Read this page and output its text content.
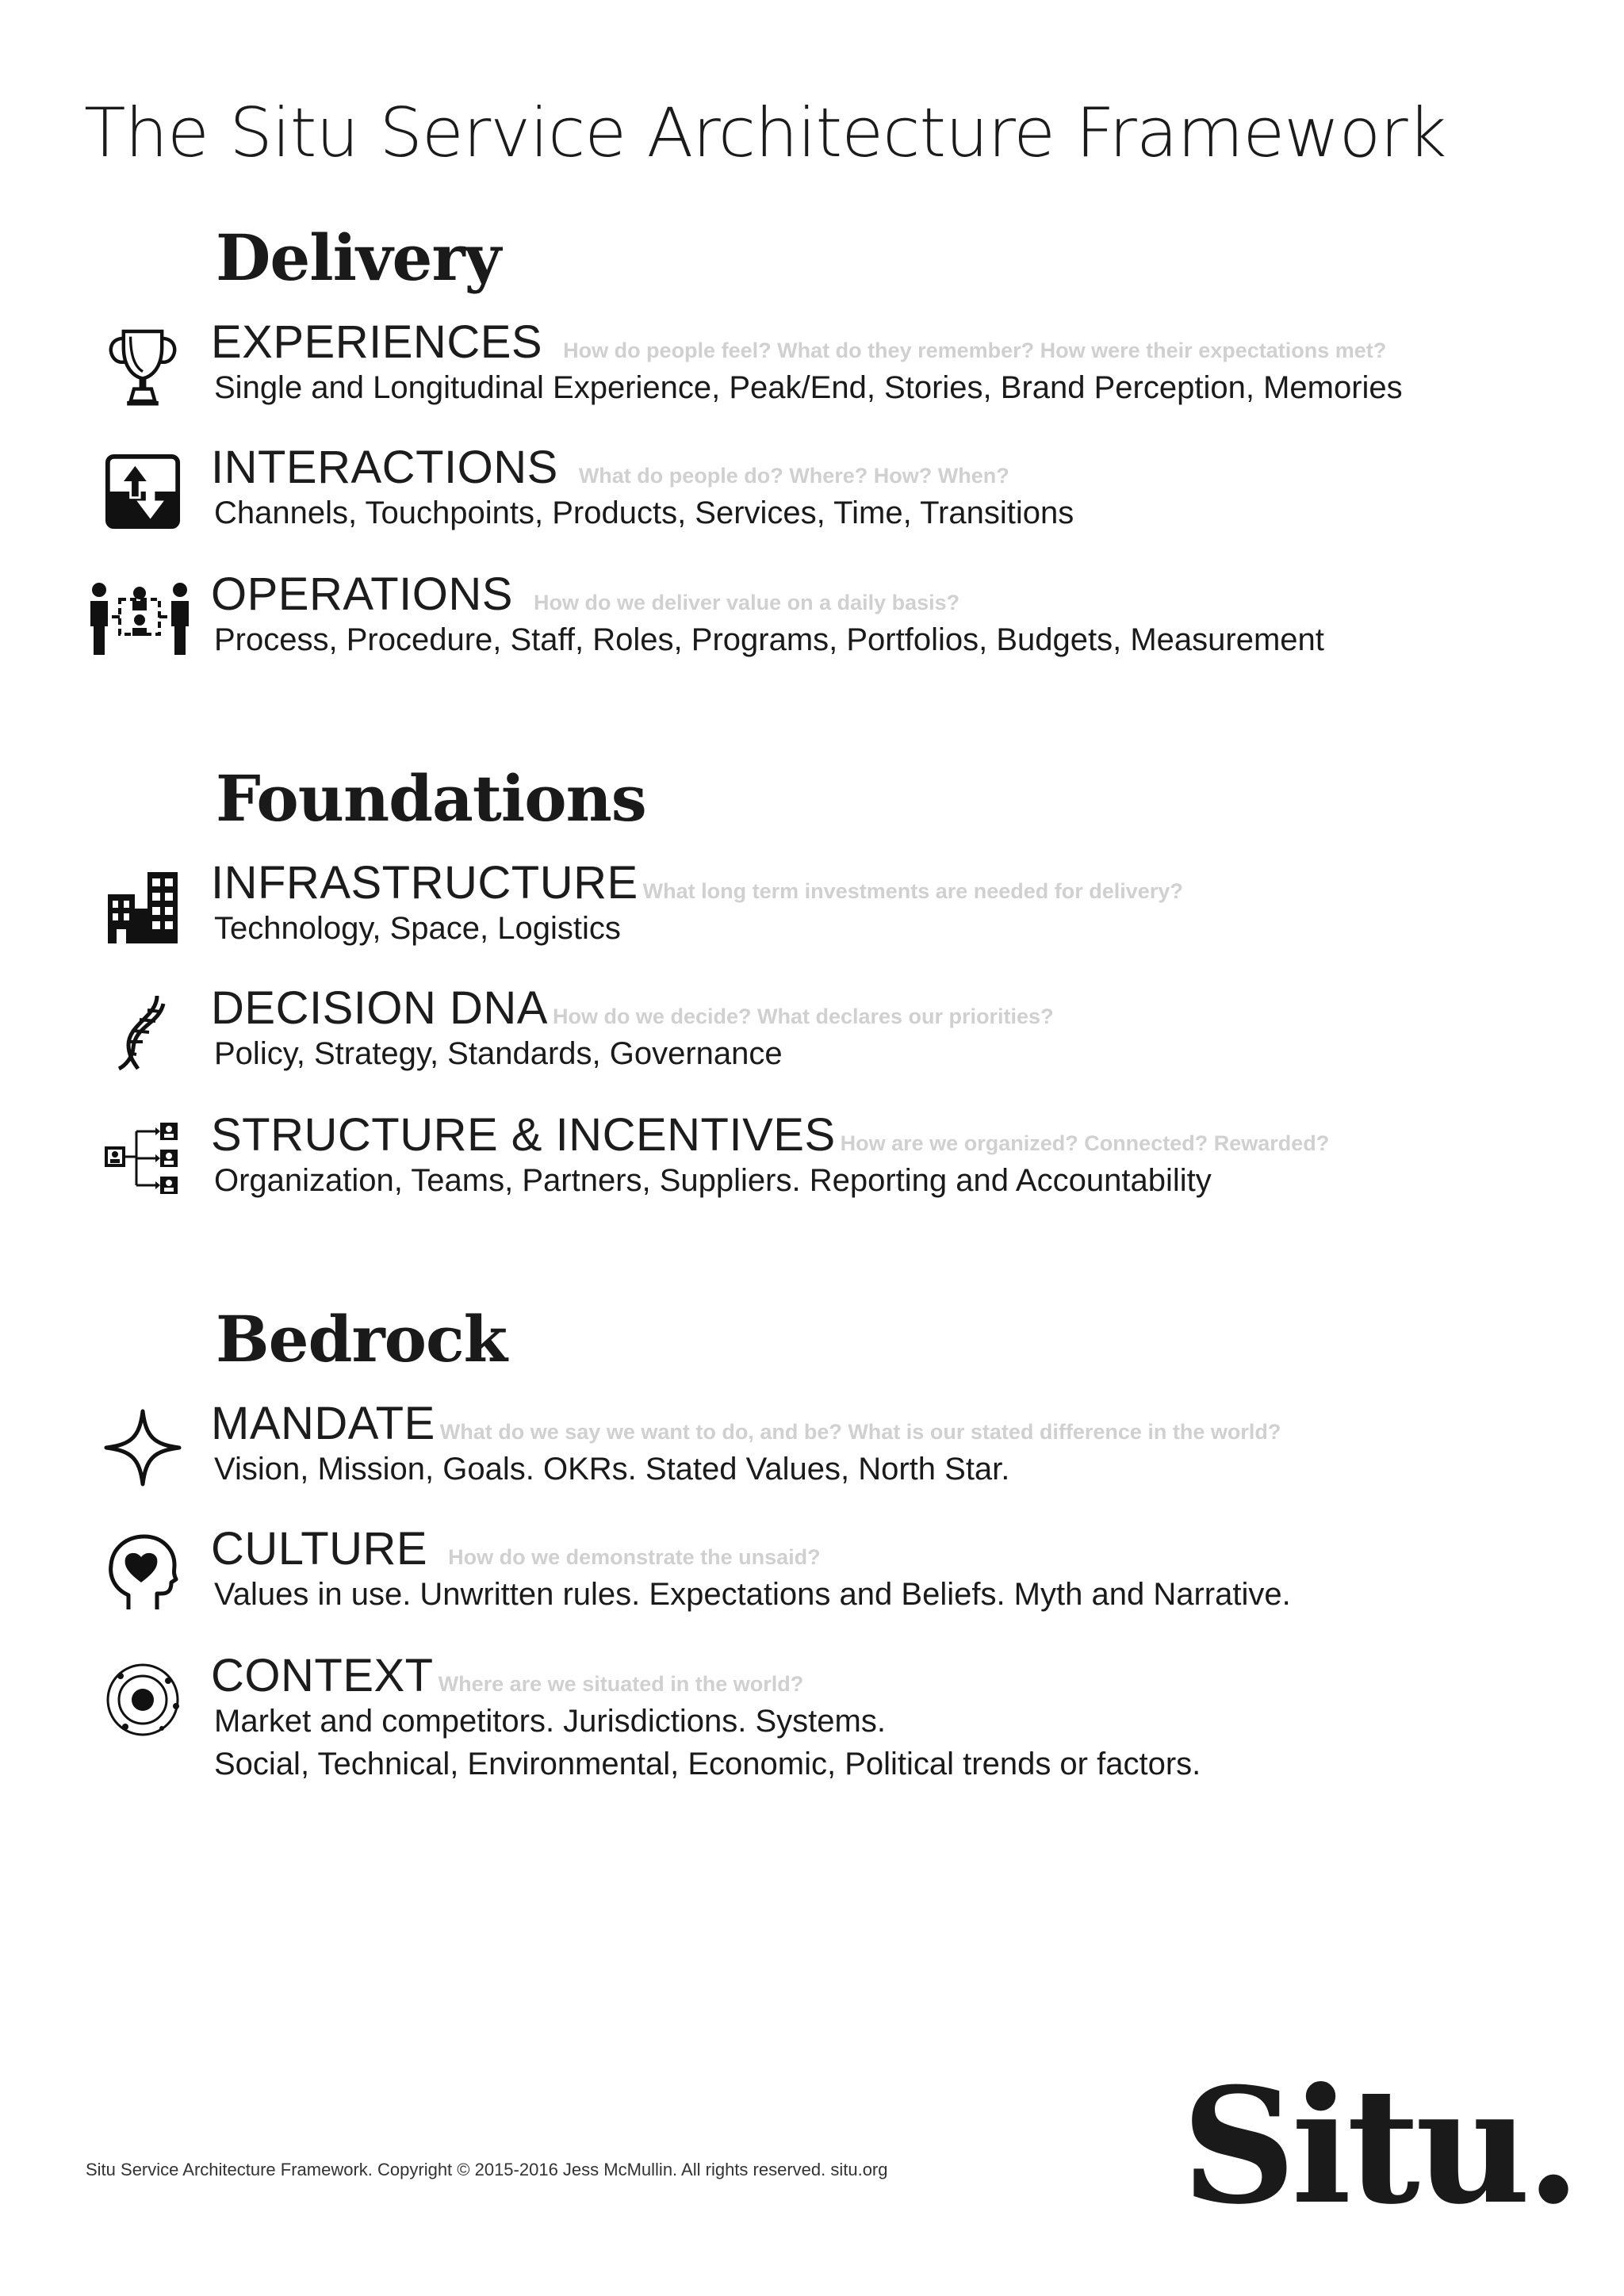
The Situ Service Architecture Framework
Delivery
EXPERIENCES How do people feel? What do they remember? How were their expectations met?

Single and Longitudinal Experience, Peak/End, Stories, Brand Perception, Memories

INTERACTIONS What do people do? Where? How? When?

Channels, Touchpoints, Products, Services, Time, Transitions

OPERATIONS How do we deliver value on a daily basis?

Process, Procedure, Staff, Roles, Programs, Portfolios, Budgets, Measurement

Foundations
INFRASTRUCTURE What long term investments are needed for delivery?

Technology, Space, Logistics

DECISION DNA How do we decide? What declares our priorities?

Policy, Strategy, Standards, Governance

STRUCTURE & INCENTIVES How are we organized? Connected? Rewarded?

Organization, Teams, Partners, Suppliers. Reporting and Accountability

Bedrock
MANDATE What do we say we want to do, and be? What is our stated difference in the world?

Vision, Mission, Goals. OKRs. Stated Values, North Star.

CULTURE How do we demonstrate the unsaid?

Values in use. Unwritten rules. Expectations and Beliefs. Myth and Narrative.

CONTEXT Where are we situated in the world?

Market and competitors. Jurisdictions. Systems.
Social, Technical, Environmental, Economic, Political trends or factors.

Situ.

Situ Service Architecture Framework. Copyright © 2015-2016 Jess McMullin. All rights reserved. situ.org
